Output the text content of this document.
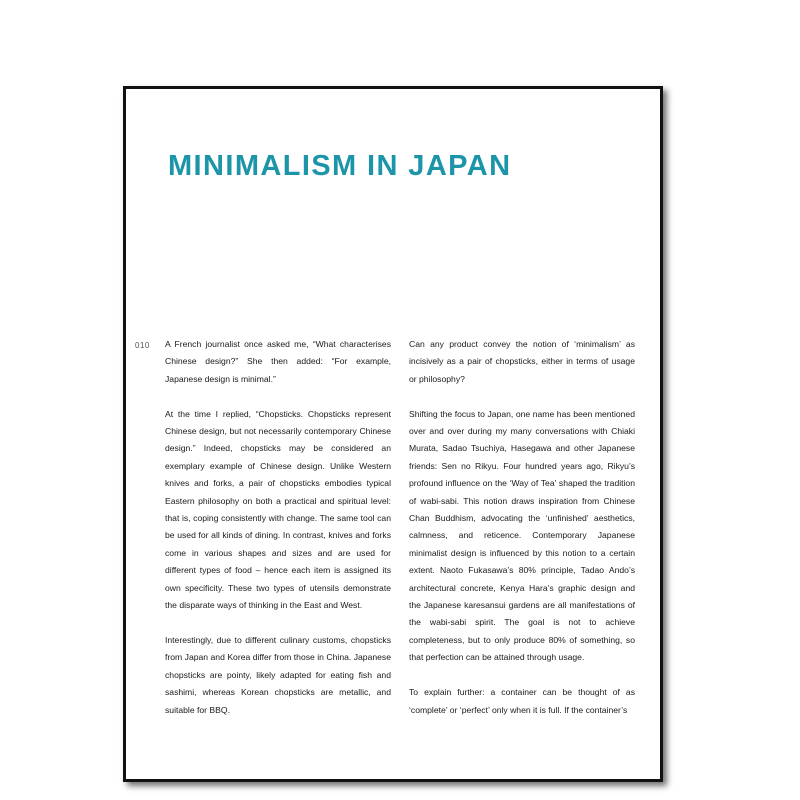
MINIMALISM IN JAPAN
010 A French journalist once asked me, “What characterises Chinese design?” She then added: “For example, Japanese design is minimal.”

At the time I replied, “Chopsticks. Chopsticks represent Chinese design, but not necessarily contemporary Chinese design.” Indeed, chopsticks may be considered an exemplary example of Chinese design. Unlike Western knives and forks, a pair of chopsticks embodies typical Eastern philosophy on both a practical and spiritual level: that is, coping consistently with change. The same tool can be used for all kinds of dining. In contrast, knives and forks come in various shapes and sizes and are used for different types of food – hence each item is assigned its own specificity. These two types of utensils demonstrate the disparate ways of thinking in the East and West.

Interestingly, due to different culinary customs, chopsticks from Japan and Korea differ from those in China. Japanese chopsticks are pointy, likely adapted for eating fish and sashimi, whereas Korean chopsticks are metallic, and suitable for BBQ.

Can any product convey the notion of ‘minimalism’ as incisively as a pair of chopsticks, either in terms of usage or philosophy?

Shifting the focus to Japan, one name has been mentioned over and over during my many conversations with Chiaki Murata, Sadao Tsuchiya, Hasegawa and other Japanese friends: Sen no Rikyu. Four hundred years ago, Rikyu’s profound influence on the ‘Way of Tea’ shaped the tradition of wabi-sabi. This notion draws inspiration from Chinese Chan Buddhism, advocating the ‘unfinished’ aesthetics, calmness, and reticence. Contemporary Japanese minimalist design is influenced by this notion to a certain extent. Naoto Fukasawa’s 80% principle, Tadao Ando’s architectural concrete, Kenya Hara’s graphic design and the Japanese karesansui gardens are all manifestations of the wabi-sabi spirit. The goal is not to achieve completeness, but to only produce 80% of something, so that perfection can be attained through usage.

To explain further: a container can be thought of as ‘complete’ or ‘perfect’ only when it is full. If the container’s
